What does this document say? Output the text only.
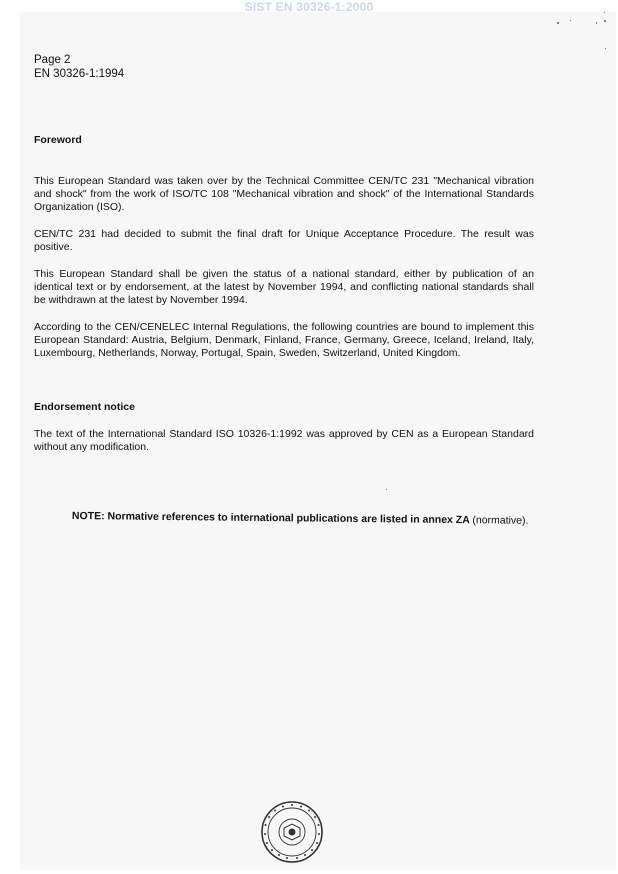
SIST EN 30326-1:2000
Page 2
EN 30326-1:1994
Foreword

This European Standard was taken over by the Technical Committee CEN/TC 231 "Mechanical vibration and shock" from the work of ISO/TC 108 "Mechanical vibration and shock" of the International Standards Organization (ISO).

CEN/TC 231 had decided to submit the final draft for Unique Acceptance Procedure. The result was positive.

This European Standard shall be given the status of a national standard, either by publication of an identical text or by endorsement, at the latest by November 1994, and conflicting national standards shall be withdrawn at the latest by November 1994.

According to the CEN/CENELEC Internal Regulations, the following countries are bound to implement this European Standard: Austria, Belgium, Denmark, Finland, France, Germany, Greece, Iceland, Ireland, Italy, Luxembourg, Netherlands, Norway, Portugal, Spain, Sweden, Switzerland, United Kingdom.

Endorsement notice

The text of the International Standard ISO 10326-1:1992 was approved by CEN as a European Standard without any modification.

NOTE: Normative references to international publications are listed in annex ZA (normative).
